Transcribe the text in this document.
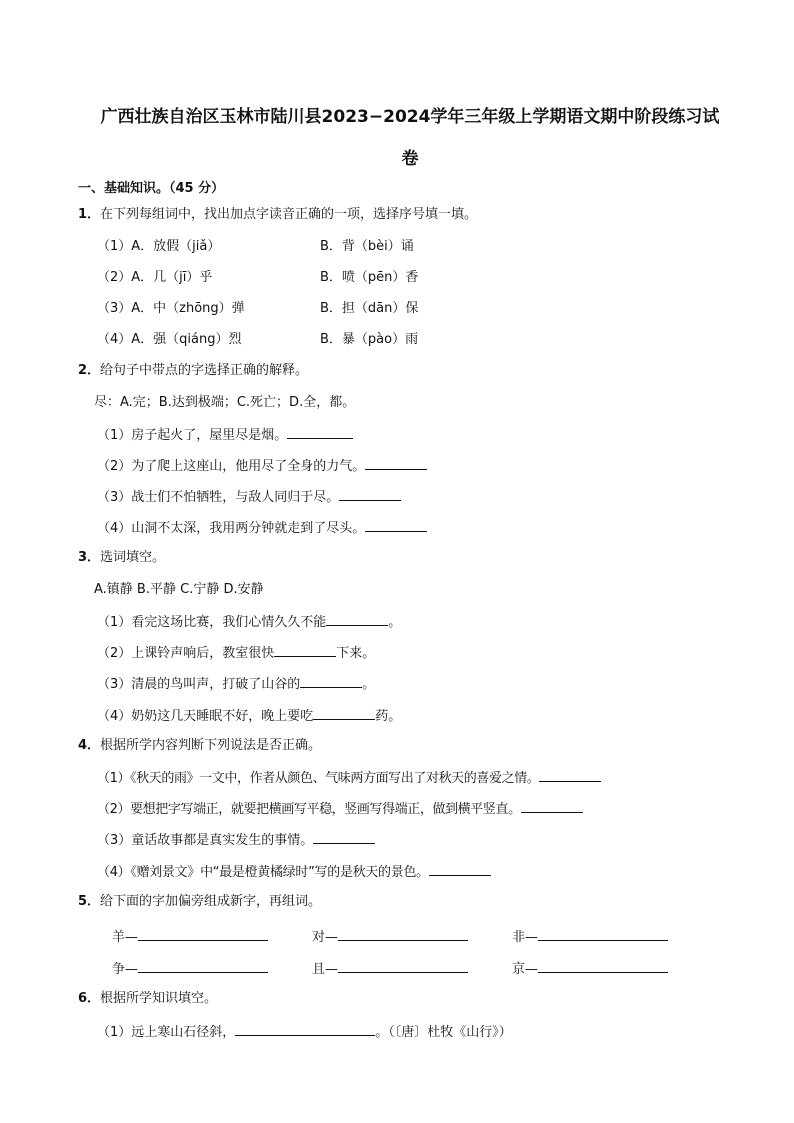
广西壮族自治区玉林市陆川县2023−2024学年三年级上学期语文期中阶段练习试
卷
一、基础知识。（45 分）
1．在下列每组词中，找出加点字读音正确的一项，选择序号填一填。
（1）A．放假（jiǎ）	B．背（bèi）诵
（2）A．几（jī）乎	B．喷（pēn）香
（3）A．中（zhōng）弹	B．担（dān）保
（4）A．强（qiáng）烈	B．暴（pào）雨
2．给句子中带点的字选择正确的解释。
尽：A.完；B.达到极端；C.死亡；D.全，都。
（1）房子起火了，屋里尽是烟。
（2）为了爬上这座山，他用尽了全身的力气。
（3）战士们不怕牺牲，与敌人同归于尽。
（4）山洞不太深，我用两分钟就走到了尽头。
3．选词填空。
A.镇静 B.平静 C.宁静 D.安静
（1）看完这场比赛，我们心情久久不能	。
（2）上课铃声响后，教室很快	下来。
（3）清晨的鸟叫声，打破了山谷的	。
（4）奶奶这几天睡眠不好，晚上要吃	药。
4．根据所学内容判断下列说法是否正确。
（1）《秋天的雨》一文中，作者从颜色、气味两方面写出了对秋天的喜爱之情。
（2）要想把字写端正，就要把横画写平稳，竖画写得端正，做到横平竖直。
（3）童话故事都是真实发生的事情。
（4）《赠刘景文》中“最是橙黄橘绿时”写的是秋天的景色。
5．给下面的字加偏旁组成新字，再组词。
羊—	对—	非—
争—	且—	京—
6．根据所学知识填空。
（1）远上寒山石径斜，	。（〔唐〕杜牧《山行》）
